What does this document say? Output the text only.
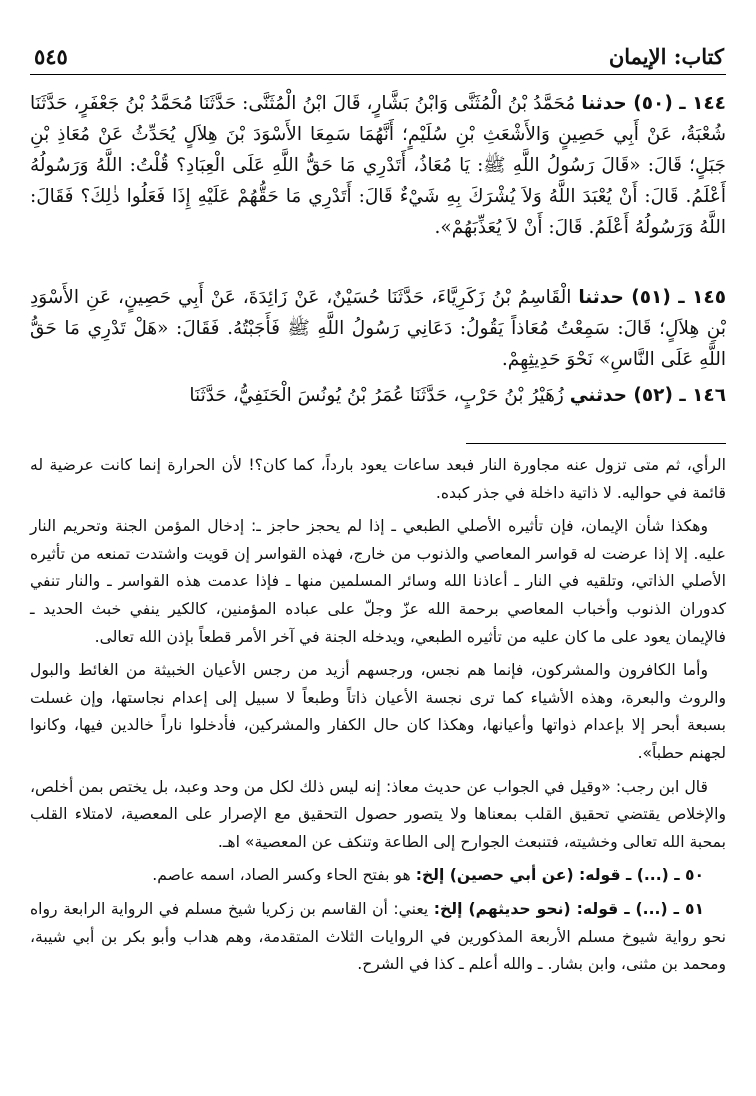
كتاب: الإيمان
٥٤٥
١٤٤ ـ (٥٠) حدثنا مُحَمَّدُ بْنُ الْمُثَنَّى وَابْنُ بَشَّارٍ، قَالَ ابْنُ الْمُثَنَّى: حَدَّثَنَا مُحَمَّدُ بْنُ جَعْفَرٍ، حَدَّثَنَا شُعْبَةُ، عَنْ أَبِي حَصِينٍ وَالأَشْعَثِ بْنِ سُلَيْمٍ؛ أَنَّهُمَا سَمِعَا الأَسْوَدَ بْنَ هِلاَلٍ يُحَدِّثُ عَنْ مُعَاذِ بْنِ جَبَلٍ؛ قَالَ: «قَالَ رَسُولُ اللَّهِ ﷺ: يَا مُعَاذُ، أَتَدْرِي مَا حَقُّ اللَّهِ عَلَى الْعِبَادِ؟ قُلْتُ: اللَّهُ وَرَسُولُهُ أَعْلَمُ. قَالَ: أَنْ يُعْبَدَ اللَّهُ وَلاَ يُشْرَكَ بِهِ شَيْءٌ قَالَ: أَتَدْرِي مَا حَقُّهُمْ عَلَيْهِ إِذَا فَعَلُوا ذٰلِكَ؟ فَقَالَ: اللَّهُ وَرَسُولُهُ أَعْلَمُ. قَالَ: أَنْ لاَ يُعَذِّبَهُمْ».
١٤٥ ـ (٥١) حدثنا الْقَاسِمُ بْنُ زَكَرِيَّاءَ، حَدَّثَنَا حُسَيْنٌ، عَنْ زَائِدَةَ، عَنْ أَبِي حَصِينٍ، عَنِ الأَسْوَدِ بْنِ هِلاَلٍ؛ قَالَ: سَمِعْتُ مُعَاذاً يَقُولُ: دَعَانِي رَسُولُ اللَّهِ ﷺ فَأَجَبْتُهُ. فَقَالَ: «هَلْ تَدْرِي مَا حَقُّ اللَّهِ عَلَى النَّاسِ» نَحْوَ حَدِيثِهِمْ.
١٤٦ ـ (٥٢) حدثني زُهَيْرُ بْنُ حَرْبٍ، حَدَّثَنَا عُمَرُ بْنُ يُونُسَ الْحَنَفِيُّ، حَدَّثَنَا

الرأي، ثم متى تزول عنه مجاورة النار فبعد ساعات يعود بارداً، كما كان؟! لأن الحرارة إنما كانت عرضية له قائمة في حواليه. لا ذاتية داخلة في جذر كبده.

وهكذا شأن الإيمان، فإن تأثيره الأصلي الطبعي ـ إذا لم يحجز حاجز ـ: إدخال المؤمن الجنة وتحريم النار عليه. إلا إذا عرضت له قواسر المعاصي والذنوب من خارج، فهذه القواسر إن قويت واشتدت تمنعه من تأثيره الأصلي الذاتي، وتلقيه في النار ـ أعاذنا الله وسائر المسلمين منها ـ فإذا عدمت هذه القواسر ـ والنار تنفي كدوران الذنوب وأخباب المعاصي برحمة الله عزّ وجلّ على عباده المؤمنين، كالكير ينفي خبث الحديد ـ فالإيمان يعود على ما كان عليه من تأثيره الطبعي، ويدخله الجنة في آخر الأمر قطعاً بإذن الله تعالى.

وأما الكافرون والمشركون، فإنما هم نجس، ورجسهم أزيد من رجس الأعيان الخبيثة من الغائط والبول والروث والبعرة، وهذه الأشياء كما ترى نجسة الأعيان ذاتاً وطبعاً لا سبيل إلى إعدام نجاستها، وإن غسلت بسبعة أبحر إلا بإعدام ذواتها وأعيانها، وهكذا كان حال الكفار والمشركين، فأدخلوا ناراً خالدين فيها، وكانوا لجهنم حطباً».

قال ابن رجب: «وقيل في الجواب عن حديث معاذ: إنه ليس ذلك لكل من وحد وعبد، بل يختص بمن أخلص، والإخلاص يقتضي تحقيق القلب بمعناها ولا يتصور حصول التحقيق مع الإصرار على المعصية، لامتلاء القلب بمحبة الله تعالى وخشيته، فتنبعث الجوارح إلى الطاعة وتنكف عن المعصية» اهـ.

٥٠ ـ (...) ـ قوله: (عن أبي حصين) إلخ: هو بفتح الحاء وكسر الصاد، اسمه عاصم.

٥١ ـ (...) ـ قوله: (نحو حديثهم) إلخ: يعني: أن القاسم بن زكريا شيخ مسلم في الرواية الرابعة رواه نحو رواية شيوخ مسلم الأربعة المذكورين في الروايات الثلاث المتقدمة، وهم هداب وأبو بكر بن أبي شيبة، ومحمد بن مثنى، وابن بشار. ـ والله أعلم ـ كذا في الشرح.
